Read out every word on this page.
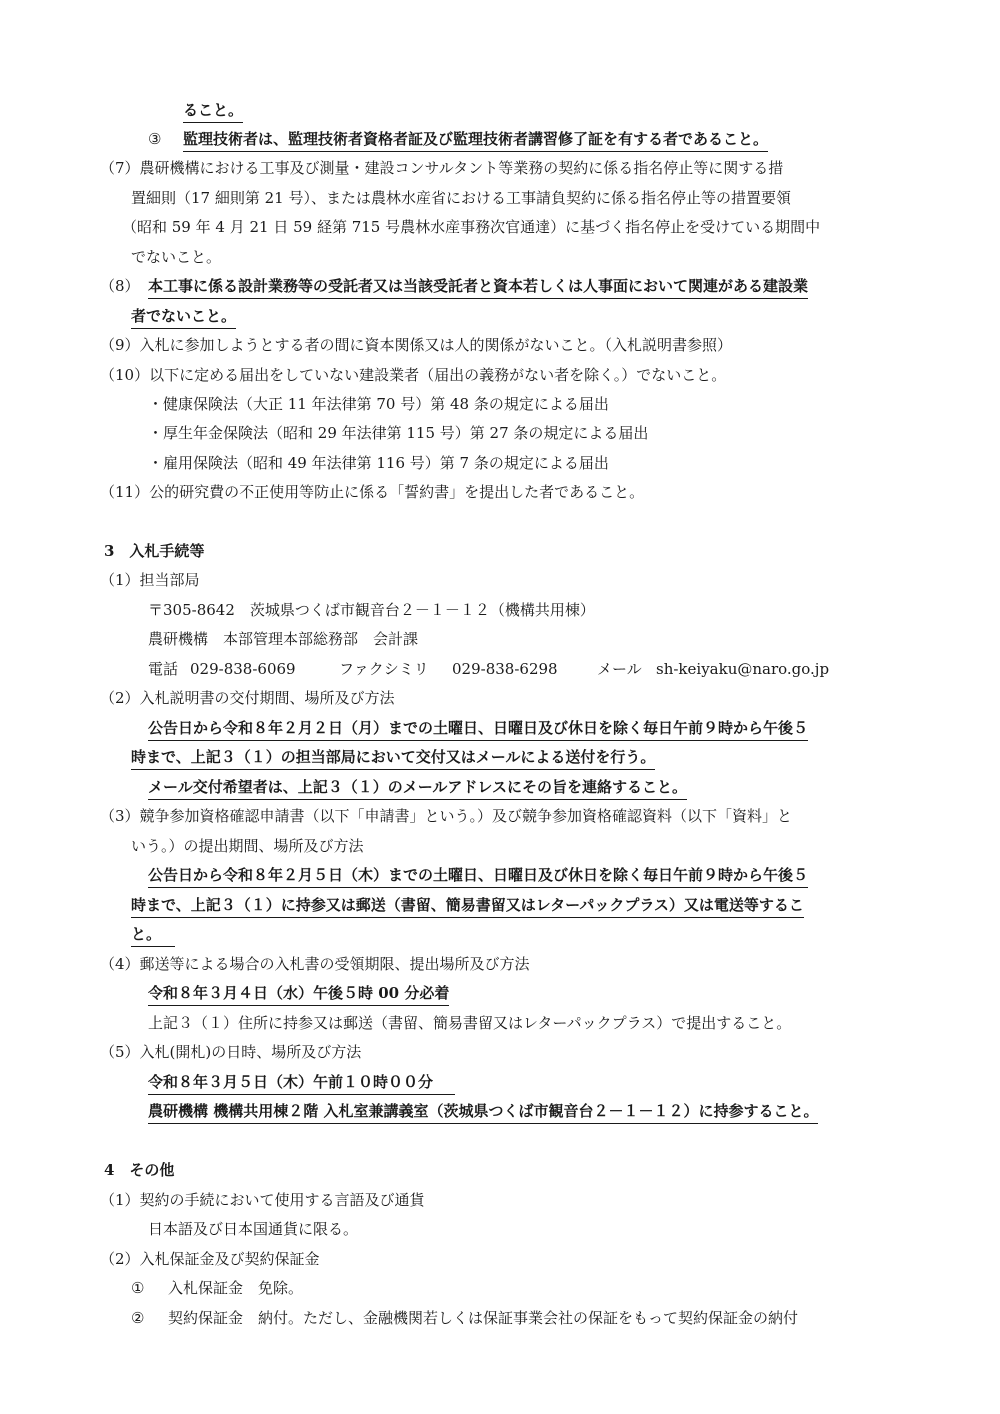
ること。
③ 監理技術者は、監理技術者資格者証及び監理技術者講習修了証を有する者であること。
（7）農研機構における工事及び測量・建設コンサルタント等業務の契約に係る指名停止等に関する措
置細則（17 細則第 21 号）、または農林水産省における工事請負契約に係る指名停止等の措置要領
（昭和 59 年 4 月 21 日 59 経第 715 号農林水産事務次官通達）に基づく指名停止を受けている期間中
でないこと。
（8） 本工事に係る設計業務等の受託者又は当該受託者と資本若しくは人事面において関連がある建設業
者でないこと。
（9）入札に参加しようとする者の間に資本関係又は人的関係がないこと。（入札説明書参照）
（10）以下に定める届出をしていない建設業者（届出の義務がない者を除く。）でないこと。
・健康保険法（大正 11 年法律第 70 号）第 48 条の規定による届出
・厚生年金保険法（昭和 29 年法律第 115 号）第 27 条の規定による届出
・雇用保険法（昭和 49 年法律第 116 号）第 7 条の規定による届出
（11）公的研究費の不正使用等防止に係る「誓約書」を提出した者であること。
3　入札手続等
（1）担当部局
〒305-8642　茨城県つくば市観音台２－１－１２（機構共用棟）
農研機構　本部管理本部総務部　会計課
電話 029-838-6069	ファクシミリ 029-838-6298	メール sh-keiyaku@naro.go.jp
（2）入札説明書の交付期間、場所及び方法
公告日から令和８年２月２日（月）までの土曜日、日曜日及び休日を除く毎日午前９時から午後５
時まで、上記３（１）の担当部局において交付又はメールによる送付を行う。
メール交付希望者は、上記３（１）のメールアドレスにその旨を連絡すること。
（3）競争参加資格確認申請書（以下「申請書」という。）及び競争参加資格確認資料（以下「資料」と
いう。）の提出期間、場所及び方法
公告日から令和８年２月５日（木）までの土曜日、日曜日及び休日を除く毎日午前９時から午後５
時まで、上記３（１）に持参又は郵送（書留、簡易書留又はレターパックプラス）又は電送等するこ
と。
（4）郵送等による場合の入札書の受領期限、提出場所及び方法
令和８年３月４日（水）午後５時 00 分必着
上記３（１）住所に持参又は郵送（書留、簡易書留又はレターパックプラス）で提出すること。
（5）入札(開札)の日時、場所及び方法
令和８年３月５日（木）午前１０時００分
農研機構 機構共用棟２階 入札室兼講義室（茨城県つくば市観音台２－１－１２）に持参すること。
4　その他
（1）契約の手続において使用する言語及び通貨
日本語及び日本国通貨に限る。
（2）入札保証金及び契約保証金
① 入札保証金　免除。
② 契約保証金　納付。ただし、金融機関若しくは保証事業会社の保証をもって契約保証金の納付
